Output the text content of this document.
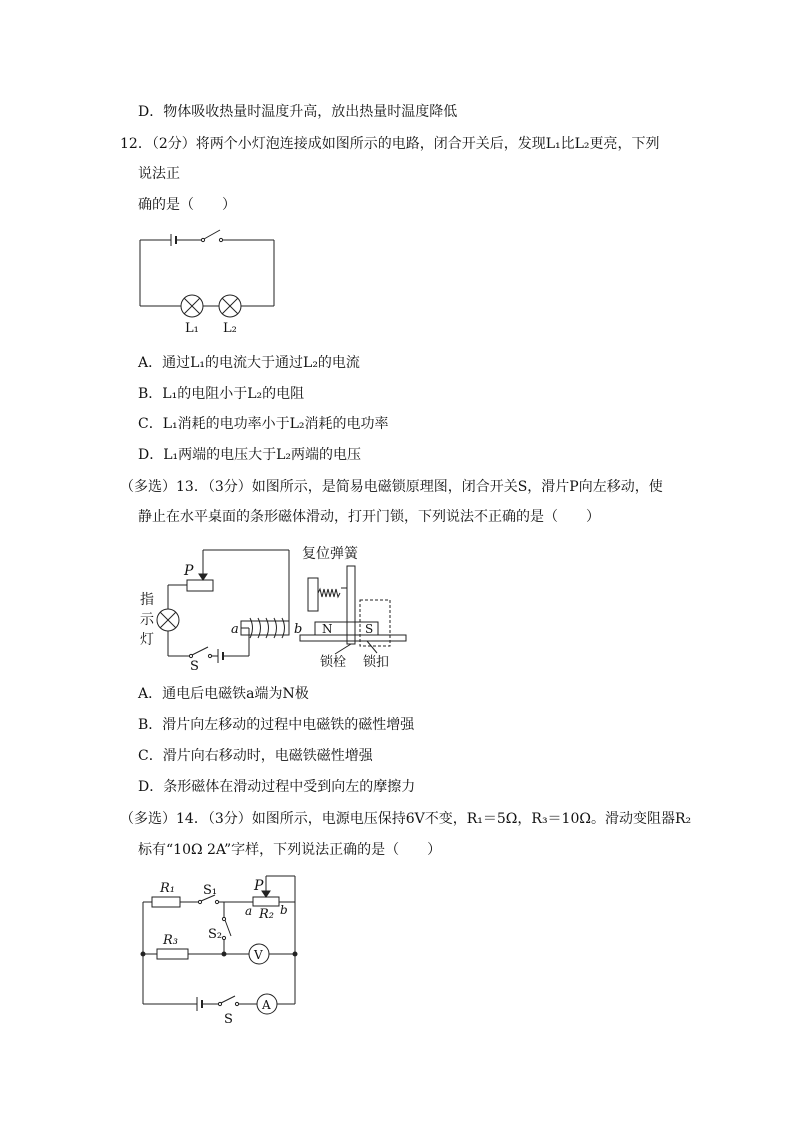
D．物体吸收热量时温度升高，放出热量时温度降低
12．（2分）将两个小灯泡连接成如图所示的电路，闭合开关后，发现L₁比L₂更亮，下列
说法正
确的是（　　）
L₁ L₂
A．通过L₁的电流大于通过L₂的电流
B．L₁的电阻小于L₂的电阻
C．L₁消耗的电功率小于L₂消耗的电功率
D．L₁两端的电压大于L₂两端的电压
（多选）13．（3分）如图所示，是简易电磁锁原理图，闭合开关S，滑片P向左移动，使
静止在水平桌面的条形磁体滑动，打开门锁，下列说法不正确的是（　　）
P
指
示
灯
S
a	b
复位弹簧
N	S
锁栓 锁扣
A．通电后电磁铁a端为N极
B．滑片向左移动的过程中电磁铁的磁性增强
C．滑片向右移动时，电磁铁磁性增强
D．条形磁体在滑动过程中受到向左的摩擦力
（多选）14．（3分）如图所示，电源电压保持6V不变，R₁＝5Ω，R₃＝10Ω。滑动变阻器R₂
标有“10Ω 2A”字样，下列说法正确的是（　　）
R₁ S₁	P
a R₂ b
S₂
R₃
V
S
A
